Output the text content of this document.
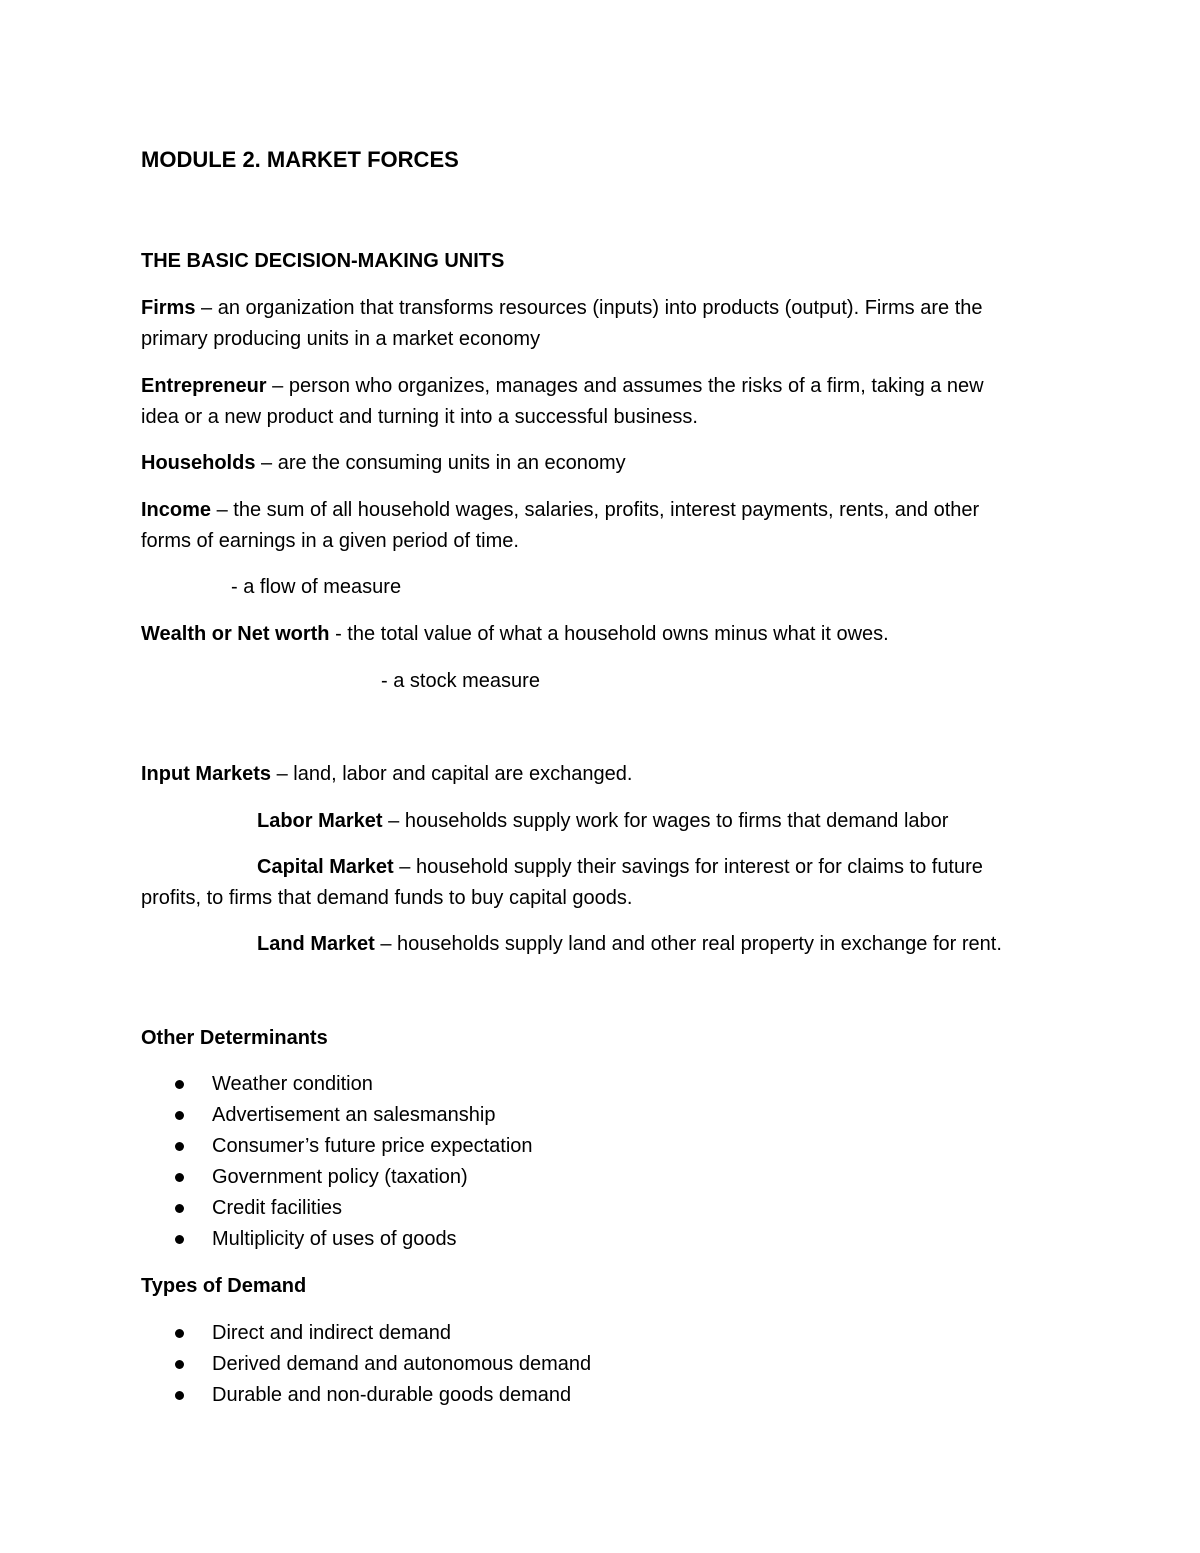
MODULE 2. MARKET FORCES
THE BASIC DECISION-MAKING UNITS
Firms – an organization that transforms resources (inputs) into products (output). Firms are the
primary producing units in a market economy
Entrepreneur – person who organizes, manages and assumes the risks of a firm, taking a new
idea or a new product and turning it into a successful business.
Households – are the consuming units in an economy
Income – the sum of all household wages, salaries, profits, interest payments, rents, and other
forms of earnings in a given period of time.
- a flow of measure
Wealth or Net worth - the total value of what a household owns minus what it owes.
- a stock measure
Input Markets – land, labor and capital are exchanged.
Labor Market – households supply work for wages to firms that demand labor
Capital Market – household supply their savings for interest or for claims to future
profits, to firms that demand funds to buy capital goods.
Land Market – households supply land and other real property in exchange for rent.
Other Determinants
Weather condition
Advertisement an salesmanship
Consumer’s future price expectation
Government policy (taxation)
Credit facilities
Multiplicity of uses of goods
Types of Demand
Direct and indirect demand
Derived demand and autonomous demand
Durable and non-durable goods demand
